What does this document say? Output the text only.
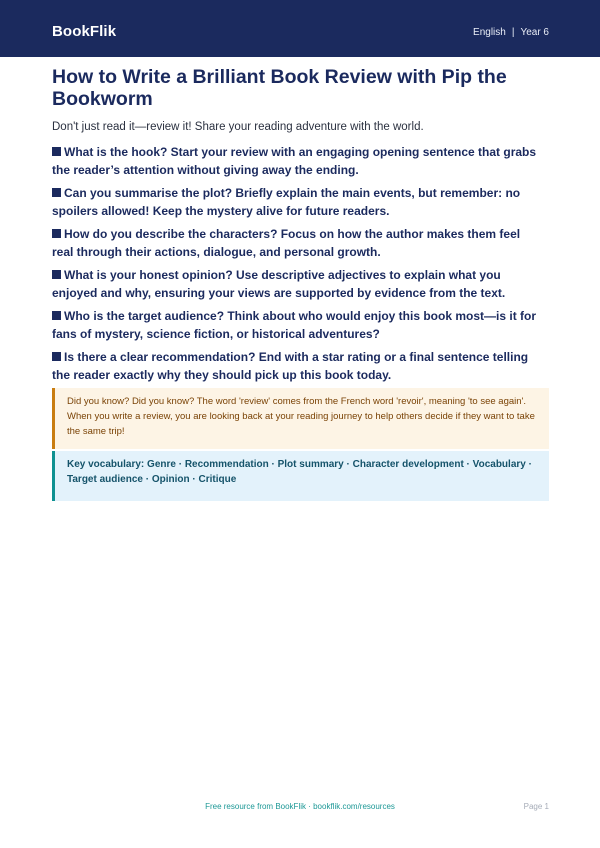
BookFlik	English | Year 6
How to Write a Brilliant Book Review with Pip the Bookworm
Don't just read it—review it! Share your reading adventure with the world.
What is the hook? Start your review with an engaging opening sentence that grabs the reader’s attention without giving away the ending.
Can you summarise the plot? Briefly explain the main events, but remember: no spoilers allowed! Keep the mystery alive for future readers.
How do you describe the characters? Focus on how the author makes them feel real through their actions, dialogue, and personal growth.
What is your honest opinion? Use descriptive adjectives to explain what you enjoyed and why, ensuring your views are supported by evidence from the text.
Who is the target audience? Think about who would enjoy this book most—is it for fans of mystery, science fiction, or historical adventures?
Is there a clear recommendation? End with a star rating or a final sentence telling the reader exactly why they should pick up this book today.
Did you know? Did you know? The word 'review' comes from the French word 'revoir', meaning 'to see again'. When you write a review, you are looking back at your reading journey to help others decide if they want to take the same trip!
Key vocabulary: Genre · Recommendation · Plot summary · Character development · Vocabulary · Target audience · Opinion · Critique
Free resource from BookFlik · bookflik.com/resources	Page 1
